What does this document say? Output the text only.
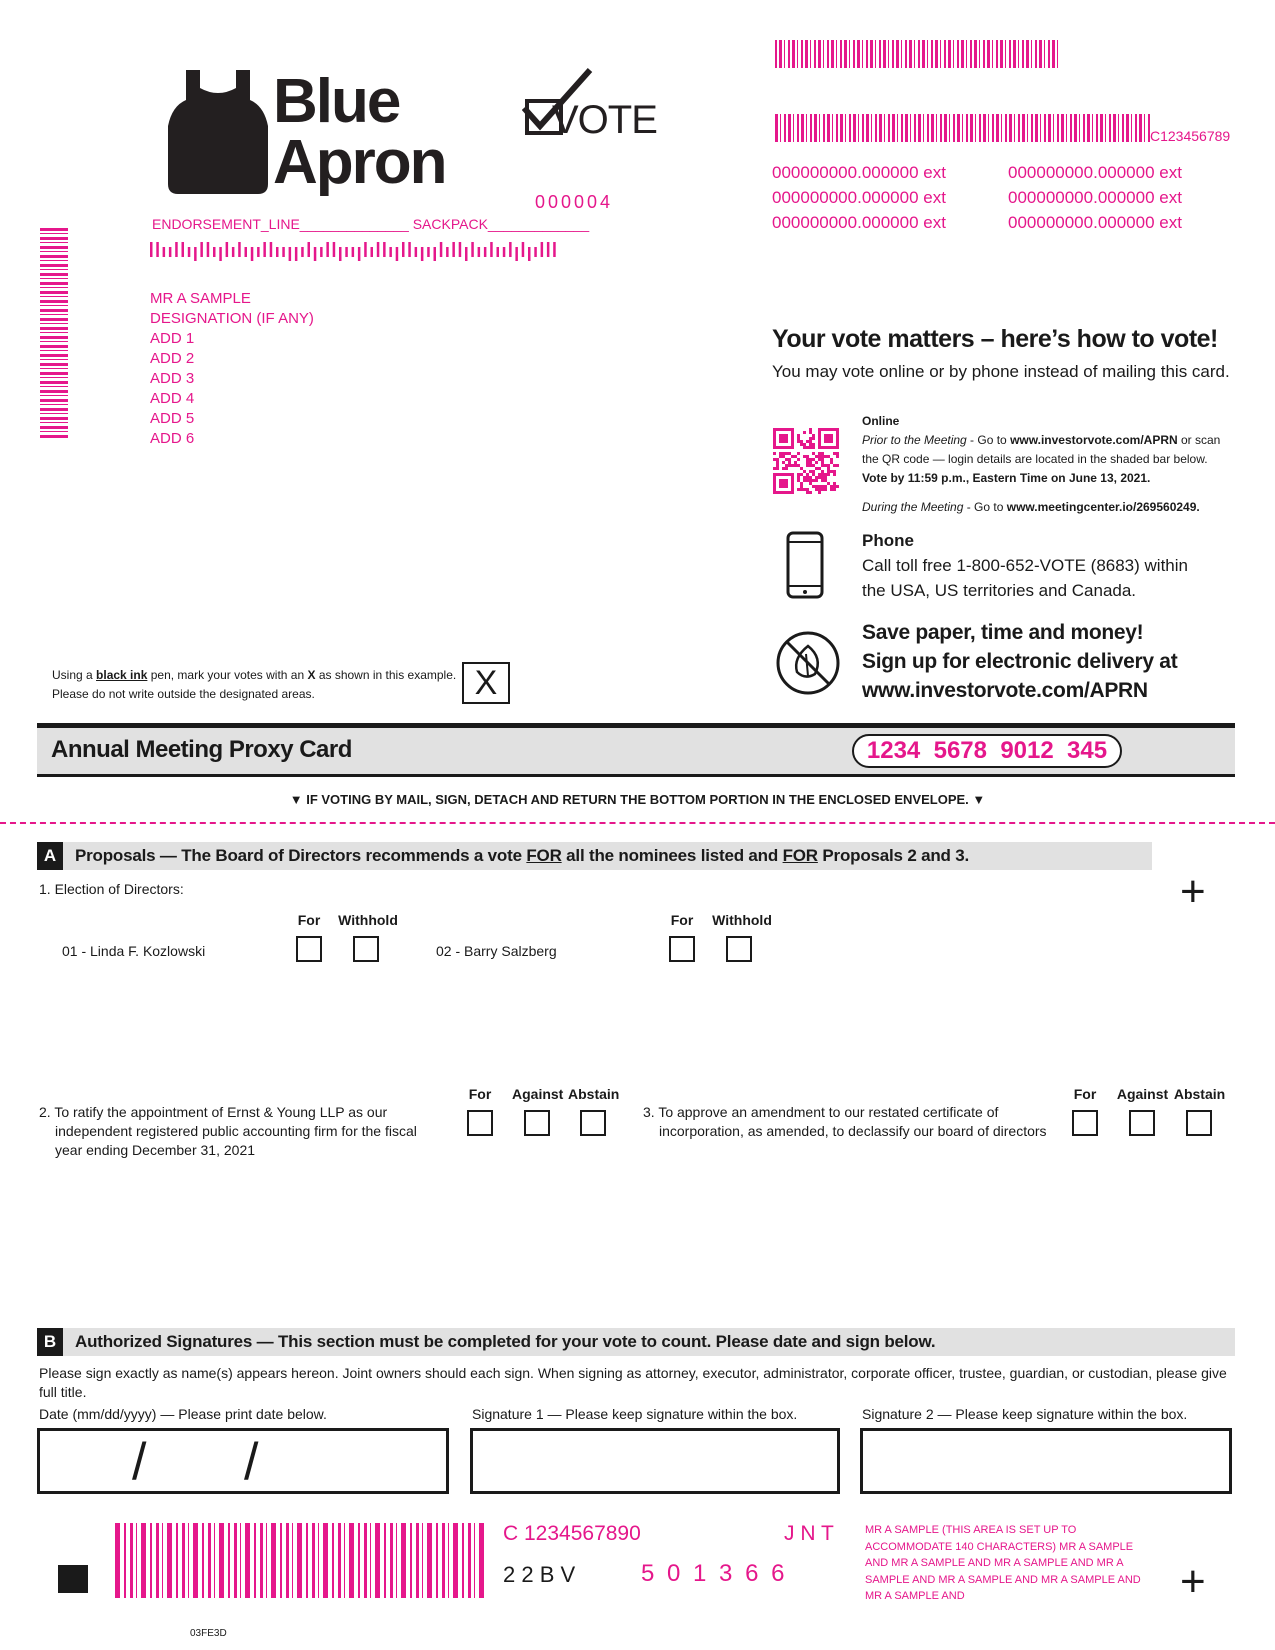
Blue
Apron
VOTE
000004
ENDORSEMENT_LINE______________ SACKPACK_____________
C123456789
000000000.000000 ext
000000000.000000 ext
000000000.000000 ext
000000000.000000 ext
000000000.000000 ext
000000000.000000 ext
MR A SAMPLE
DESIGNATION (IF ANY)
ADD 1
ADD 2
ADD 3
ADD 4
ADD 5
ADD 6
Your vote matters – here’s how to vote!
You may vote online or by phone instead of mailing this card.
Online
Prior to the Meeting - Go to www.investorvote.com/APRN or scan the QR code — login details are located in the shaded bar below.
Vote by 11:59 p.m., Eastern Time on June 13, 2021.
During the Meeting - Go to www.meetingcenter.io/269560249.
Phone
Call toll free 1-800-652-VOTE (8683) within the USA, US territories and Canada.
Save paper, time and money!
Sign up for electronic delivery at
www.investorvote.com/APRN
Using a black ink pen, mark your votes with an X as shown in this example.
Please do not write outside the designated areas.	X
Annual Meeting Proxy Card	1234  5678  9012  345
▼ IF VOTING BY MAIL, SIGN, DETACH AND RETURN THE BOTTOM PORTION IN THE ENCLOSED ENVELOPE. ▼
A	Proposals — The Board of Directors recommends a vote FOR all the nominees listed and FOR Proposals 2 and 3.
1. Election of Directors:	+
For Withhold
01 - Linda F. Kozlowski
For Withhold
02 - Barry Salzberg
2. To ratify the appointment of Ernst & Young LLP as our
independent registered public accounting firm for the fiscal
year ending December 31, 2021
For Against Abstain
3. To approve an amendment to our restated certificate of
incorporation, as amended, to declassify our board of directors
For Against Abstain
B	Authorized Signatures — This section must be completed for your vote to count. Please date and sign below.
Please sign exactly as name(s) appears hereon. Joint owners should each sign. When signing as attorney, executor, administrator, corporate officer, trustee, guardian, or custodian, please give full title.
Date (mm/dd/yyyy) — Please print date below.	Signature 1 — Please keep signature within the box.	Signature 2 — Please keep signature within the box.
/ /
C 1234567890	J N T
2 2 B V	5 0 1 3 6 6
MR A SAMPLE (THIS AREA IS SET UP TO ACCOMMODATE 140 CHARACTERS) MR A SAMPLE AND MR A SAMPLE AND MR A SAMPLE AND MR A SAMPLE AND MR A SAMPLE AND MR A SAMPLE AND MR A SAMPLE AND	+
03FE3D
